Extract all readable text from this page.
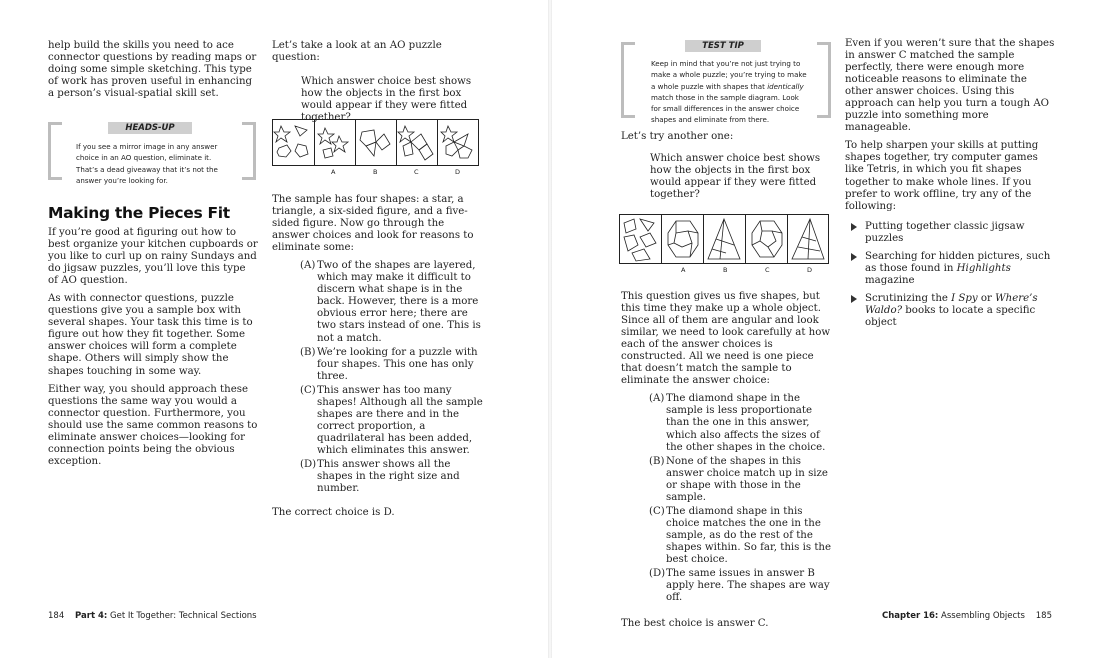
help build the skills you need to ace connector questions by reading maps or doing some simple sketching. This type of work has proven useful in enhancing a person’s visual-spatial skill set.

HEADS-UP
If you see a mirror image in any answer choice in an AO question, eliminate it. That’s a dead giveaway that it’s not the answer you’re looking for.
Making the Pieces Fit

If you’re good at figuring out how to best organize your kitchen cupboards or you like to curl up on rainy Sundays and do jigsaw puzzles, you’ll love this type of AO question.

As with connector questions, puzzle questions give you a sample box with several shapes. Your task this time is to figure out how they fit together. Some answer choices will form a complete shape. Others will simply show the shapes touching in some way.

Either way, you should approach these questions the same way you would a connector question. Furthermore, you should use the same common reasons to eliminate answer choices—looking for connection points being the obvious exception.

Let’s take a look at an AO puzzle question:

Which answer choice best shows how the objects in the first box would appear if they were fitted together?
A	B	C	D

The sample has four shapes: a star, a triangle, a six-sided figure, and a five-sided figure. Now go through the answer choices and look for reasons to eliminate some:

(A) Two of the shapes are layered, which may make it difficult to discern what shape is in the back. However, there is a more obvious error here; there are two stars instead of one. This is not a match.
(B) We’re looking for a puzzle with four shapes. This one has only three.
(C) This answer has too many shapes! Although all the sample shapes are there and in the correct proportion, a quadrilateral has been added, which eliminates this answer.
(D) This answer shows all the shapes in the right size and number.

The correct choice is D.

184 Part 4: Get It Together: Technical Sections
TEST TIP
Keep in mind that you’re not just trying to make a whole puzzle; you’re trying to make a whole puzzle with shapes that identically match those in the sample diagram. Look for small differences in the answer choice shapes and eliminate from there.

Let’s try another one:

Which answer choice best shows how the objects in the first box would appear if they were fitted together?
A	B	C	D

This question gives us five shapes, but this time they make up a whole object. Since all of them are angular and look similar, we need to look carefully at how each of the answer choices is constructed. All we need is one piece that doesn’t match the sample to eliminate the answer choice:

(A) The diamond shape in the sample is less proportionate than the one in this answer, which also affects the sizes of the other shapes in the choice.
(B) None of the shapes in this answer choice match up in size or shape with those in the sample.
(C) The diamond shape in this choice matches the one in the sample, as do the rest of the shapes within. So far, this is the best choice.
(D) The same issues in answer B apply here. The shapes are way off.

The best choice is answer C.

Even if you weren’t sure that the shapes in answer C matched the sample perfectly, there were enough more noticeable reasons to eliminate the other answer choices. Using this approach can help you turn a tough AO puzzle into something more manageable.

To help sharpen your skills at putting shapes together, try computer games like Tetris, in which you fit shapes together to make whole lines. If you prefer to work offline, try any of the following:

Putting together classic jigsaw puzzles
Searching for hidden pictures, such as those found in Highlights magazine
Scrutinizing the I Spy or Where’s Waldo? books to locate a specific object
Chapter 16: Assembling Objects 185
